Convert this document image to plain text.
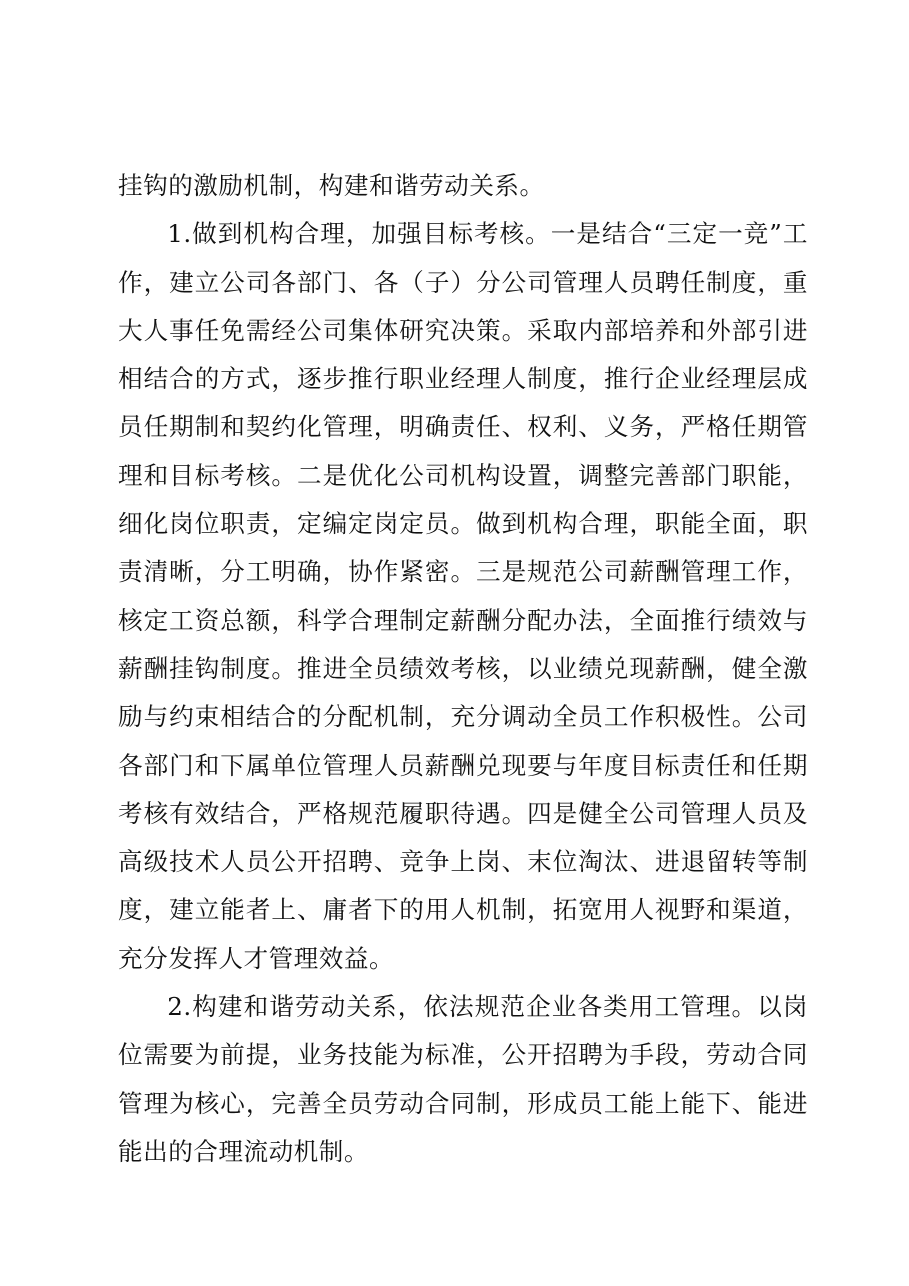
挂钩的激励机制，构建和谐劳动关系。

1.做到机构合理，加强目标考核。一是结合“三定一竞”工作，建立公司各部门、各（子）分公司管理人员聘任制度，重大人事任免需经公司集体研究决策。采取内部培养和外部引进相结合的方式，逐步推行职业经理人制度，推行企业经理层成员任期制和契约化管理，明确责任、权利、义务，严格任期管理和目标考核。二是优化公司机构设置，调整完善部门职能，细化岗位职责，定编定岗定员。做到机构合理，职能全面，职责清晰，分工明确，协作紧密。三是规范公司薪酬管理工作，核定工资总额，科学合理制定薪酬分配办法，全面推行绩效与薪酬挂钩制度。推进全员绩效考核，以业绩兑现薪酬，健全激励与约束相结合的分配机制，充分调动全员工作积极性。公司各部门和下属单位管理人员薪酬兑现要与年度目标责任和任期考核有效结合，严格规范履职待遇。四是健全公司管理人员及高级技术人员公开招聘、竞争上岗、末位淘汰、进退留转等制度，建立能者上、庸者下的用人机制，拓宽用人视野和渠道，充分发挥人才管理效益。

2.构建和谐劳动关系，依法规范企业各类用工管理。以岗位需要为前提，业务技能为标准，公开招聘为手段，劳动合同管理为核心，完善全员劳动合同制，形成员工能上能下、能进能出的合理流动机制。
